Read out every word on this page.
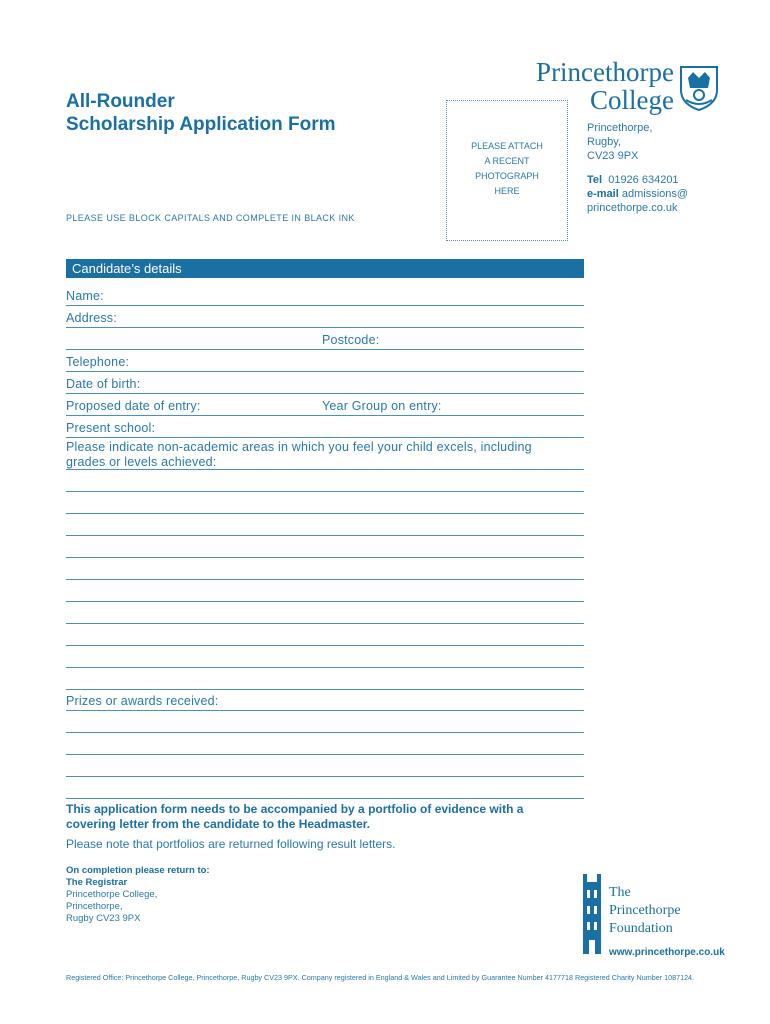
All-Rounder
Scholarship Application Form
PLEASE USE BLOCK CAPITALS AND COMPLETE IN BLACK INK
PLEASE ATTACH
A RECENT
PHOTOGRAPH
HERE
Princethorpe
College
Princethorpe,
Rugby,
CV23 9PX
Tel 01926 634201
e-mail admissions@
princethorpe.co.uk
Candidate’s details
Name:
Address:
Postcode:
Telephone:
Date of birth:
Proposed date of entry:	Year Group on entry:
Present school:
Please indicate non-academic areas in which you feel your child excels, including
grades or levels achieved:
Prizes or awards received:
This application form needs to be accompanied by a portfolio of evidence with a
covering letter from the candidate to the Headmaster.
Please note that portfolios are returned following result letters.
On completion please return to:
The Registrar
Princethorpe College,
Princethorpe,
Rugby CV23 9PX
The
Princethorpe
Foundation
www.princethorpe.co.uk
Registered Office: Princethorpe College, Princethorpe, Rugby CV23 9PX. Company registered in England & Wales and Limited by Guarantee Number 4177718 Registered Charity Number 1087124.
